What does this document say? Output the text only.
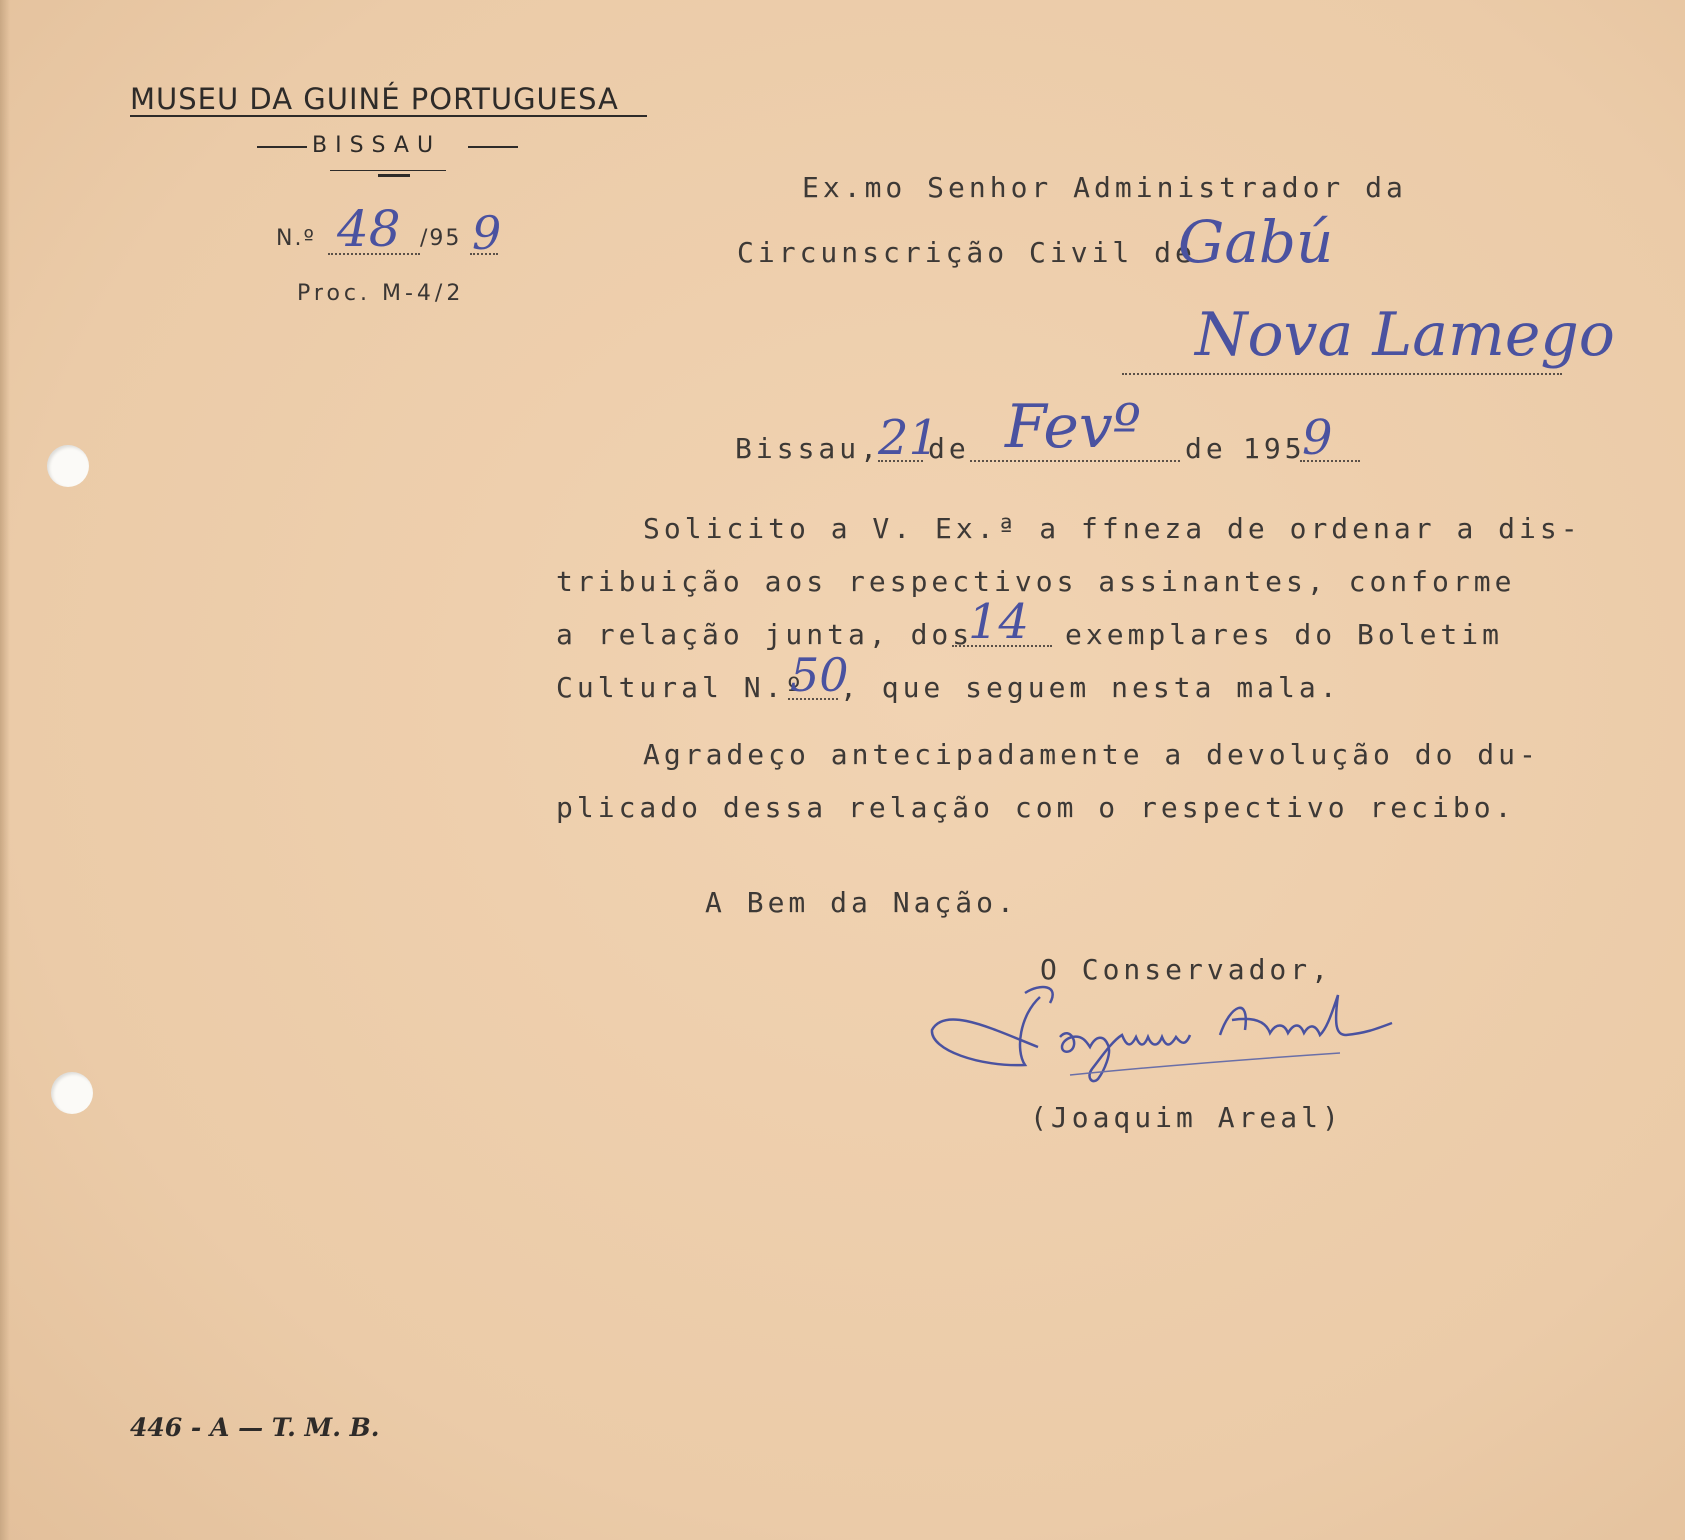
MUSEU DA GUINÉ PORTUGUESA
BISSAU
N.º 48 /95 9
Proc. M-4/2
Ex.mo Senhor Administrador da
Circunscrição Civil de
Gabú
Nova Lamego
Bissau,
21
de Fevº de 195
9
Solicito a V. Ex.ª a ffneza de ordenar a dis-
tribuição aos respectivos assinantes, conforme
a relação junta, dos
14 exemplares do Boletim
Cultural N.º
50
, que seguem nesta mala.
Agradeço antecipadamente a devolução do du-
plicado dessa relação com o respectivo recibo.
A Bem da Nação.
O Conservador,
(Joaquim Areal)
446 - A — T. M. B.
